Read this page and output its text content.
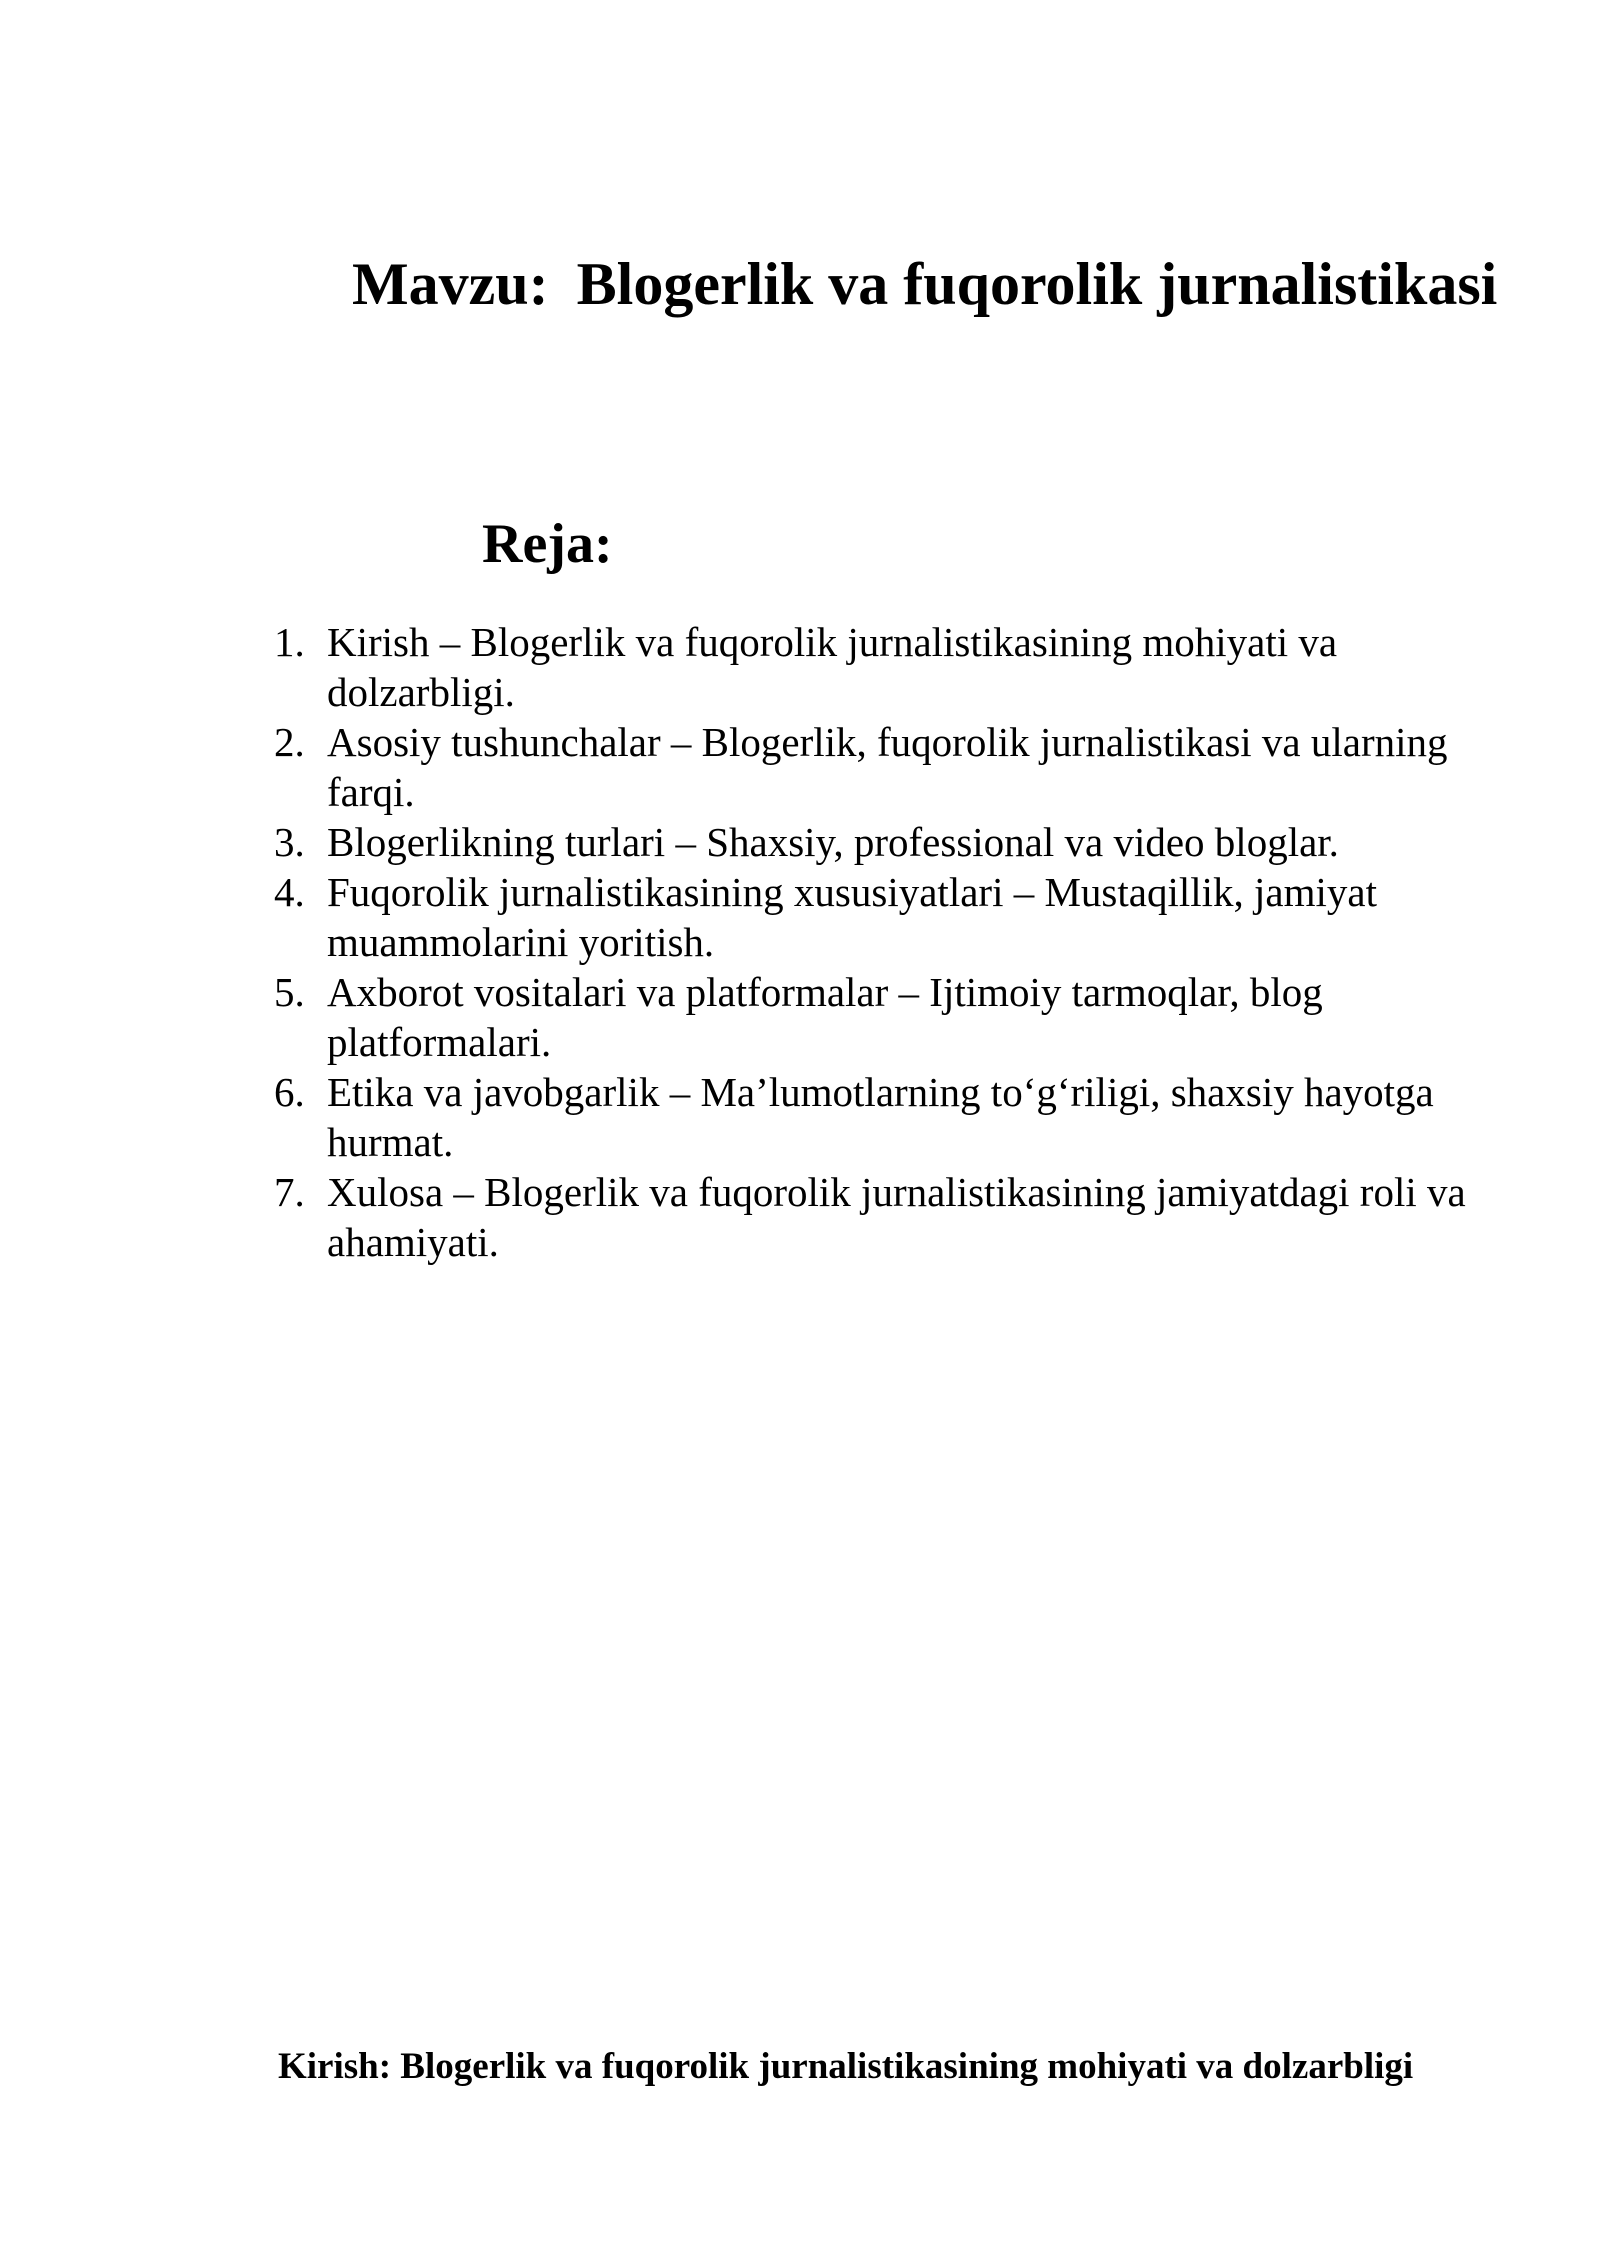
Mavzu: Blogerlik va fuqorolik jurnalistikasi
Reja:
1. Kirish – Blogerlik va fuqorolik jurnalistikasining mohiyati va dolzarbligi.
2. Asosiy tushunchalar – Blogerlik, fuqorolik jurnalistikasi va ularning farqi.
3. Blogerlikning turlari – Shaxsiy, professional va video bloglar.
4. Fuqorolik jurnalistikasining xususiyatlari – Mustaqillik, jamiyat muammolarini yoritish.
5. Axborot vositalari va platformalar – Ijtimoiy tarmoqlar, blog platformalari.
6. Etika va javobgarlik – Ma’lumotlarning to‘g‘riligi, shaxsiy hayotga hurmat.
7. Xulosa – Blogerlik va fuqorolik jurnalistikasining jamiyatdagi roli va ahamiyati.
Kirish: Blogerlik va fuqorolik jurnalistikasining mohiyati va dolzarbligi
